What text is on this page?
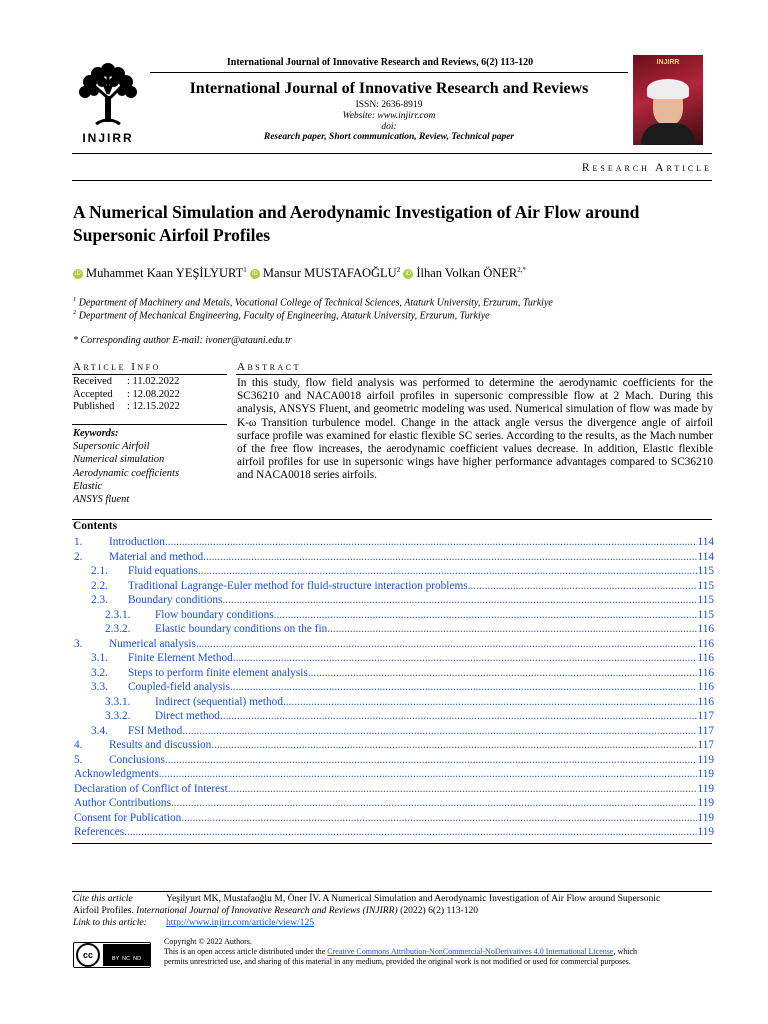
INJIRR
International Journal of Innovative Research and Reviews, 6(2) 113-120
International Journal of Innovative Research and Reviews
ISSN: 2636-8919
Website: www.injirr.com
doi:
Research paper, Short communication, Review, Technical paper
INJIRR
Research Article
A Numerical Simulation and Aerodynamic Investigation of Air Flow around Supersonic Airfoil Profiles
iD Muhammet Kaan YEŞİLYURT$^1$ iD Mansur MUSTAFAOĞLU$^2$ iD İlhan Volkan $ÖNER^{2,*}$
$^1$ Department of Machinery and Metals, Vocational College of Technical Sciences, Ataturk University, Erzurum, Turkiye
$^2$ Department of Mechanical Engineering, Faculty of Engineering, Ataturk University, Erzurum, Turkiye
* Corresponding author E-mail: ivoner@atauni.edu.tr
Article Info
Received	: 11.02.2022
Accepted	: 12.08.2022
Published	: 12.15.2022
Keywords:
Supersonic Airfoil
Numerical simulation
Aerodynamic coefficients
Elastic
ANSYS fluent
Abstract
In this study, flow field analysis was performed to determine the aerodynamic coefficients for the SC36210 and NACA0018 airfoil profiles in supersonic compressible flow at 2 Mach. During this analysis, ANSYS Fluent, and geometric modeling was used. Numerical simulation of flow was made by K-ω Transition turbulence model. Change in the attack angle versus the divergence angle of airfoil surface profile was examined for elastic flexible SC series. According to the results, as the Mach number of the free flow increases, the aerodynamic coefficient values decrease. In addition, Elastic flexible airfoil profiles for use in supersonic wings have higher performance advantages compared to SC36210 and NACA0018 series airfoils.
Contents
1.	Introduction .....	114
2.	Material and method .....	114
2.1.	Fluid equations .....	115
2.2.	Traditional Lagrange-Euler method for fluid-structure interaction problems .....	115
2.3.	Boundary conditions .....	115
2.3.1.	Flow boundary conditions .....	115
2.3.2.	Elastic boundary conditions on the fin .....	116
3.	Numerical analysis .....	116
3.1.	Finite Element Method .....	116
3.2.	Steps to perform finite element analysis .....	116
3.3.	Coupled-field analysis .....	116
3.3.1.	Indirect (sequential) method .....	116
3.3.2.	Direct method .....	117
3.4.	FSI Method .....	117
4.	Results and discussion .....	117
5.	Conclusions .....	119
Acknowledgments .....	119
Declaration of Conflict of Interest .....	119
Author Contributions .....	119
Consent for Publication .....	119
References .....	119
Cite this article	Yeşilyurt MK, Mustafaoğlu M, Öner İV. A Numerical Simulation and Aerodynamic Investigation of Air Flow around Supersonic
Airfoil Profiles. International Journal of Innovative Research and Reviews (INJIRR) (2022) 6(2) 113-120
Link to this article: http://www.injirr.com/article/view/125
cc	BY  NC  ND
Copyright © 2022 Authors.
This is an open access article distributed under the Creative Commons Attribution-NonCommercial-NoDerivatives 4.0 International License, which
permits unrestricted use, and sharing of this material in any medium, provided the original work is not modified or used for commercial purposes.
